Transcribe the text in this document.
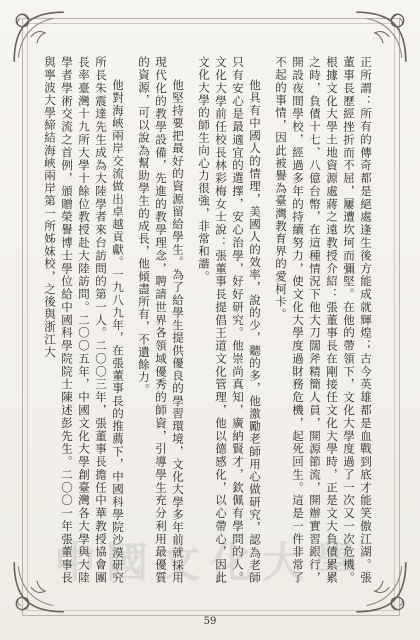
正所謂：所有的傳奇都是絕處逢生後方能成就輝煌；古今英雄都是血戰到底才能笑傲江湖。張董事長歷經挫折而不屈，屢遭坎坷而彌堅。在他的帶領下，文化大學度過了一次又一次危機。根據文化大學土地資源處蔣之遠教授介紹：張董事長在剛接任文化大學時，正是文大負債累累之時，負債十七、八億台幣，在這種情況下他大刀闊斧精簡人員，開源節流，開辦實習銀行，開設夜間學校，經過多年的持續努力，使文化大學度過財務危機，起死回生。這是一件非常了不起的事情，因此被譽為臺灣教育界的愛柯卡。

他具有中國人的情理，美國人的效率，說的少，聽的多，他激勵老師用心做研究，認為老師只有安心是最適宜的選擇，安心治學，好好研究。他崇尚真知，廣納賢才，欽佩有學問的人。文化大學前任校長林彩梅女士說：張董事長提倡王道文化管理，他以德感化，以心帶心，因此文化大學的師生向心力很強，非常和諧。

他堅持要把最好的資源留給學生。為了給學生提供優良的學習環境，文化大學多年前就採用現代化的教學設備，先進的教學理念，聘請世界各領域優秀的師資，引導學生充分利用最優質的資源，可以說為幫助學生的成長，他傾盡所有，不遺餘力。

他對海峽兩岸交流做出卓越貢獻。一九八九年，在張董事長的推薦下，中國科學院沙漠研究所長朱震達先生成為大陸學者來台訪問的第一人。二〇〇三年，張董事長擔任中華教授協會團長率臺灣十九所大學十餘位教授赴大陸訪問。二〇〇五年，中國文化大學創臺灣各大學與大陸學者學術交流之首例，頒贈榮譽博士學位給中國科學院院士陳述彭先生。二〇〇一年張董事長與寧波大學締結海峽兩岸第一所姊妹校，之後與浙江大

中國文化大學
59
